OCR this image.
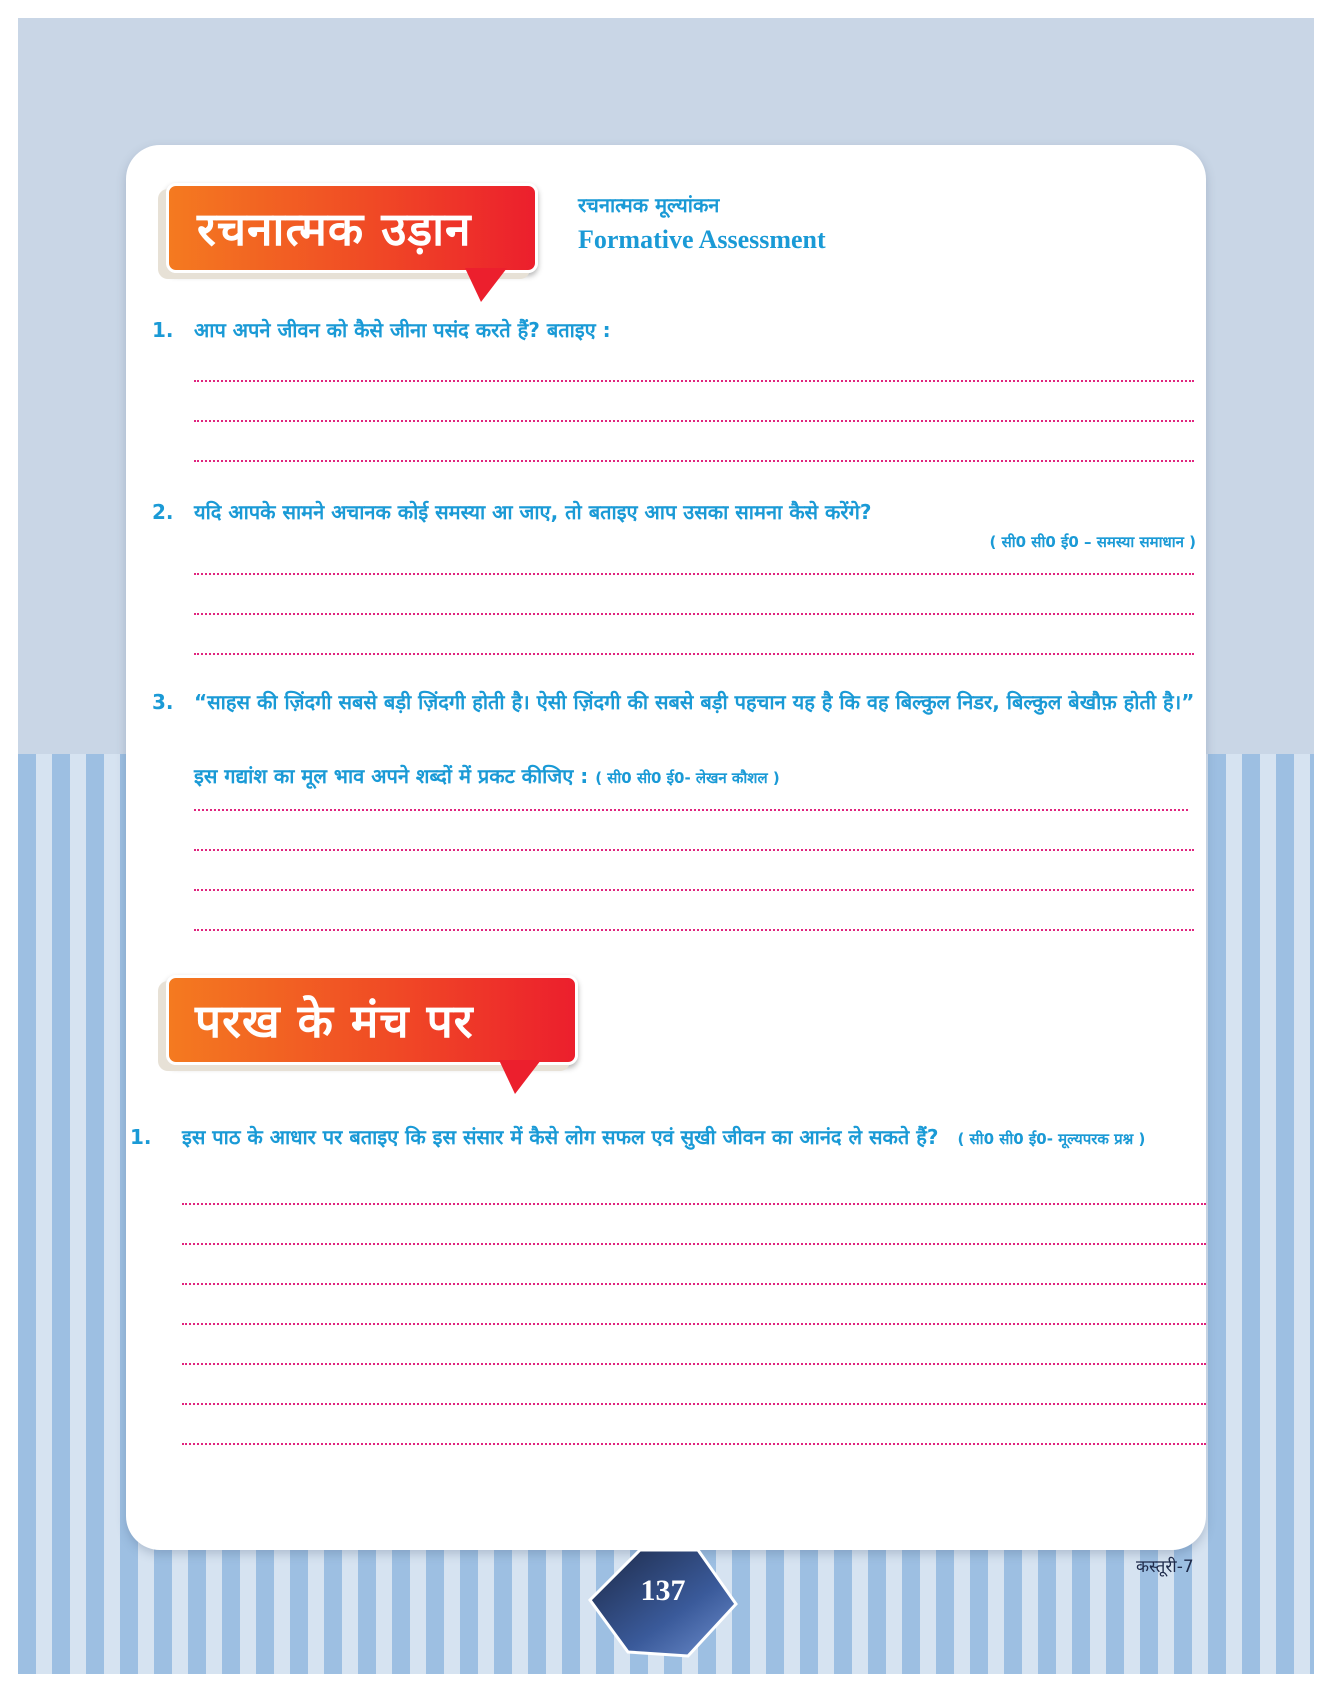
रचनात्मक उड़ान	रचनात्मक मूल्यांकन
Formative Assessment
1.	आप अपने जीवन को कैसे जीना पसंद करते हैं? बताइए :
2.	यदि आपके सामने अचानक कोई समस्या आ जाए, तो बताइए आप उसका सामना कैसे करेंगे?
( सी0 सी0 ई0 – समस्या समाधान )
3.	“साहस की ज़िंदगी सबसे बड़ी ज़िंदगी होती है। ऐसी ज़िंदगी की सबसे बड़ी पहचान यह है कि वह बिल्कुल निडर, बिल्कुल बेखौफ़ होती है।”
इस गद्यांश का मूल भाव अपने शब्दों में प्रकट कीजिए : ( सी0 सी0 ई0- लेखन कौशल )
परख के मंच पर
1.	इस पाठ के आधार पर बताइए कि इस संसार में कैसे लोग सफल एवं सुखी जीवन का आनंद ले सकते हैं? ( सी0 सी0 ई0- मूल्यपरक प्रश्न )
137
कस्तूरी-7
